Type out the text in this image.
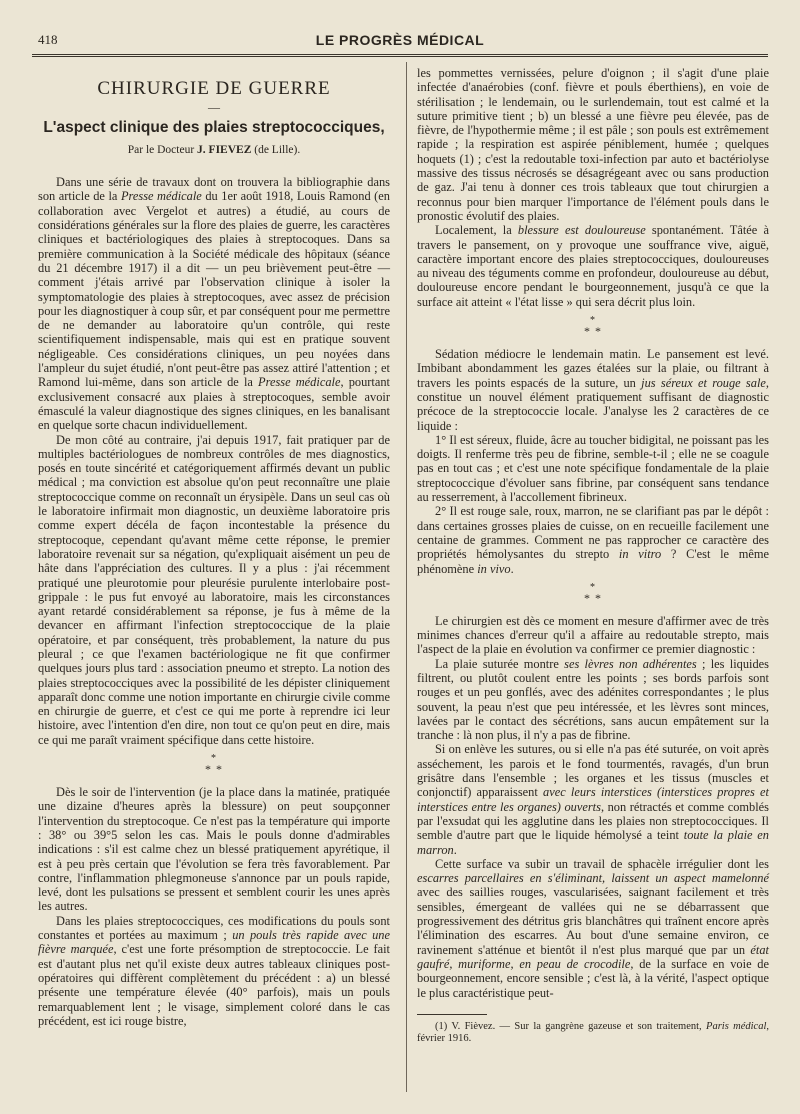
418	LE PROGRÈS MÉDICAL
CHIRURGIE DE GUERRE
—
L'aspect clinique des plaies streptococciques,
Par le Docteur J. FIEVEZ (de Lille).

Dans une série de travaux dont on trouvera la bibliographie dans son article de la Presse médicale du 1er août 1918, Louis Ramond (en collaboration avec Vergelot et autres) a étudié, au cours de considérations générales sur la flore des plaies de guerre, les caractères cliniques et bactériologiques des plaies à streptocoques. Dans sa première communication à la Société médicale des hôpitaux (séance du 21 décembre 1917) il a dit — un peu brièvement peut-être — comment j'étais arrivé par l'observation clinique à isoler la symptomatologie des plaies à streptocoques, avec assez de précision pour les diagnostiquer à coup sûr, et par conséquent pour me permettre de ne demander au laboratoire qu'un contrôle, qui reste scientifiquement indispensable, mais qui est en pratique souvent négligeable. Ces considérations cliniques, un peu noyées dans l'ampleur du sujet étudié, n'ont peut-être pas assez attiré l'attention ; et Ramond lui-même, dans son article de la Presse médicale, pourtant exclusivement consacré aux plaies à streptocoques, semble avoir émasculé la valeur diagnostique des signes cliniques, en les banalisant en quelque sorte chacun individuellement.

De mon côté au contraire, j'ai depuis 1917, fait pratiquer par de multiples bactériologues de nombreux contrôles de mes diagnostics, posés en toute sincérité et catégoriquement affirmés devant un public médical ; ma conviction est absolue qu'on peut reconnaître une plaie streptococcique comme on reconnaît un érysipèle. Dans un seul cas où le laboratoire infirmait mon diagnostic, un deuxième laboratoire pris comme expert décéla de façon incontestable la présence du streptocoque, cependant qu'avant même cette réponse, le premier laboratoire revenait sur sa négation, qu'expliquait aisément un peu de hâte dans l'appréciation des cultures. Il y a plus : j'ai récemment pratiqué une pleurotomie pour pleurésie purulente interlobaire post-grippale : le pus fut envoyé au laboratoire, mais les circonstances ayant retardé considérablement sa réponse, je fus à même de la devancer en affirmant l'infection streptococcique de la plaie opératoire, et par conséquent, très probablement, la nature du pus pleural ; ce que l'examen bactériologique ne fit que confirmer quelques jours plus tard : association pneumo et strepto. La notion des plaies streptococciques avec la possibilité de les dépister cliniquement apparaît donc comme une notion importante en chirurgie civile comme en chirurgie de guerre, et c'est ce qui me porte à reprendre ici leur histoire, avec l'intention d'en dire, non tout ce qu'on peut en dire, mais ce qui me paraît vraiment spécifique dans cette histoire.

*
* *

Dès le soir de l'intervention (je la place dans la matinée, pratiquée une dizaine d'heures après la blessure) on peut soupçonner l'intervention du streptocoque. Ce n'est pas la température qui importe : 38° ou 39°5 selon les cas. Mais le pouls donne d'admirables indications : s'il est calme chez un blessé pratiquement apyrétique, il est à peu près certain que l'évolution se fera très favorablement. Par contre, l'inflammation phlegmoneuse s'annonce par un pouls rapide, levé, dont les pulsations se pressent et semblent courir les unes après les autres.

Dans les plaies streptococciques, ces modifications du pouls sont constantes et portées au maximum ; un pouls très rapide avec une fièvre marquée, c'est une forte présomption de streptococcie. Le fait est d'autant plus net qu'il existe deux autres tableaux cliniques post-opératoires qui diffèrent complètement du précédent : a) un blessé présente une température élevée (40° parfois), mais un pouls remarquablement lent ; le visage, simplement coloré dans le cas précédent, est ici rouge bistre,

les pommettes vernissées, pelure d'oignon ; il s'agit d'une plaie infectée d'anaérobies (conf. fièvre et pouls éberthiens), en voie de stérilisation ; le lendemain, ou le surlendemain, tout est calmé et la suture primitive tient ; b) un blessé a une fièvre peu élevée, pas de fièvre, de l'hypothermie même ; il est pâle ; son pouls est extrêmement rapide ; la respiration est aspirée péniblement, humée ; quelques hoquets (1) ; c'est la redoutable toxi-infection par auto et bactériolyse massive des tissus nécrosés se désagrégeant avec ou sans production de gaz. J'ai tenu à donner ces trois tableaux que tout chirurgien a reconnus pour bien marquer l'importance de l'élément pouls dans le pronostic évolutif des plaies.

Localement, la blessure est douloureuse spontanément. Tâtée à travers le pansement, on y provoque une souffrance vive, aiguë, caractère important encore des plaies streptococciques, douloureuses au niveau des téguments comme en profondeur, douloureuse au début, douloureuse encore pendant le bourgeonnement, jusqu'à ce que la surface ait atteint « l'état lisse » qui sera décrit plus loin.

*
* *

Sédation médiocre le lendemain matin. Le pansement est levé. Imbibant abondamment les gazes étalées sur la plaie, ou filtrant à travers les points espacés de la suture, un jus séreux et rouge sale, constitue un nouvel élément pratiquement suffisant de diagnostic précoce de la streptococcie locale. J'analyse les 2 caractères de ce liquide :

1° Il est séreux, fluide, âcre au toucher bidigital, ne poissant pas les doigts. Il renferme très peu de fibrine, semble-t-il ; elle ne se coagule pas en tout cas ; et c'est une note spécifique fondamentale de la plaie streptococcique d'évoluer sans fibrine, par conséquent sans tendance au resserrement, à l'accollement fibrineux.

2° Il est rouge sale, roux, marron, ne se clarifiant pas par le dépôt : dans certaines grosses plaies de cuisse, on en recueille facilement une centaine de grammes. Comment ne pas rapprocher ce caractère des propriétés hémolysantes du strepto in vitro ? C'est le même phénomène in vivo.

*
* *

Le chirurgien est dès ce moment en mesure d'affirmer avec de très minimes chances d'erreur qu'il a affaire au redoutable strepto, mais l'aspect de la plaie en évolution va confirmer ce premier diagnostic :

La plaie suturée montre ses lèvres non adhérentes ; les liquides filtrent, ou plutôt coulent entre les points ; ses bords parfois sont rouges et un peu gonflés, avec des adénites correspondantes ; le plus souvent, la peau n'est que peu intéressée, et les lèvres sont minces, lavées par le contact des sécrétions, sans aucun empâtement sur la tranche : là non plus, il n'y a pas de fibrine.

Si on enlève les sutures, ou si elle n'a pas été suturée, on voit après asséchement, les parois et le fond tourmentés, ravagés, d'un brun grisâtre dans l'ensemble ; les organes et les tissus (muscles et conjonctif) apparaissent avec leurs interstices (interstices propres et interstices entre les organes) ouverts, non rétractés et comme comblés par l'exsudat qui les agglutine dans les plaies non streptococciques. Il semble d'autre part que le liquide hémolysé a teint toute la plaie en marron.

Cette surface va subir un travail de sphacèle irrégulier dont les escarres parcellaires en s'éliminant, laissent un aspect mamelonné avec des saillies rouges, vascularisées, saignant facilement et très sensibles, émergeant de vallées qui ne se débarrassent que progressivement des détritus gris blanchâtres qui traînent encore après l'élimination des escarres. Au bout d'une semaine environ, ce ravinement s'atténue et bientôt il n'est plus marqué que par un état gaufré, muriforme, en peau de crocodile, de la surface en voie de bourgeonnement, encore sensible ; c'est là, à la vérité, l'aspect optique le plus caractéristique peut-

(1) V. Fièvez. — Sur la gangrène gazeuse et son traitement, Paris médical, février 1916.
